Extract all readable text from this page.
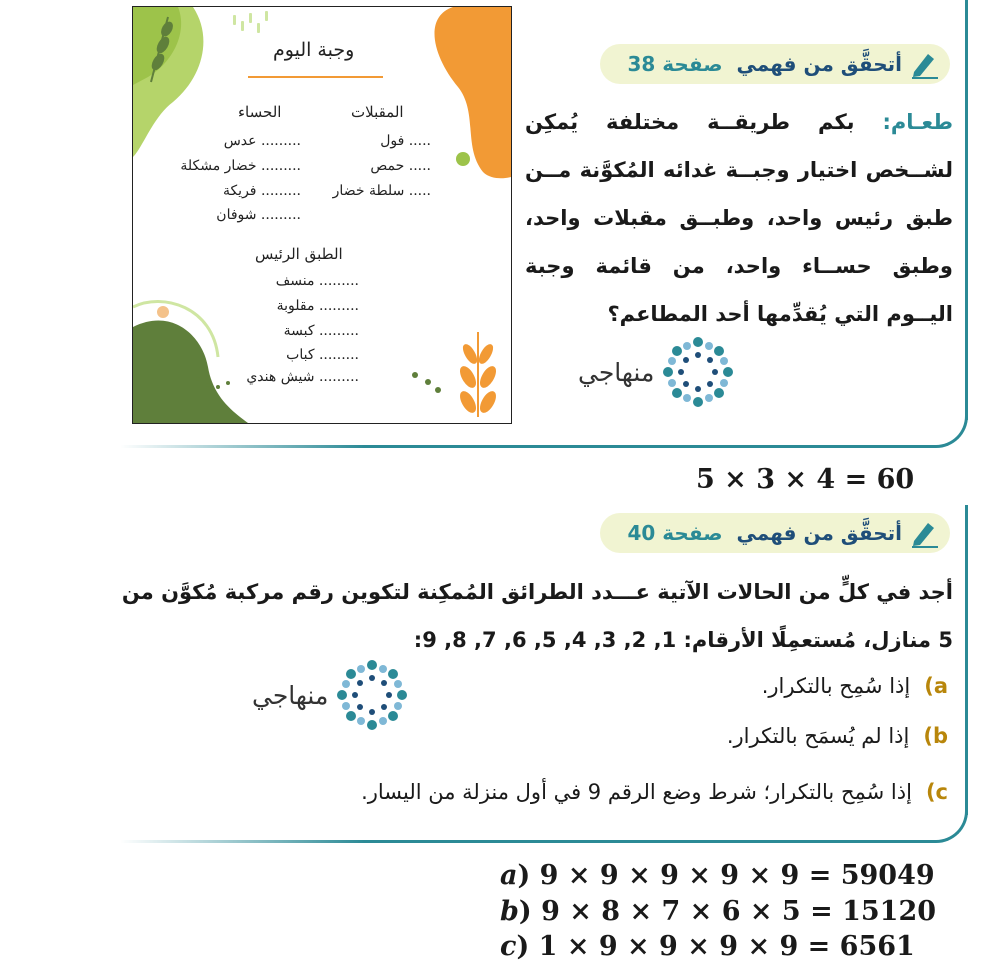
وجبة اليوم
المقبلات
الحساء
..... فول
..... حمص
..... سلطة خضار
......... عدس
......... خضار مشكلة
......... فريكة
......... شوفان
الطبق الرئيس
......... منسف
......... مقلوبة
......... كبسة
......... كباب
......... شيش هندي
أتحقَّق من فهمي
صفحة 38
طعـام: بكم طريقــة مختلفة يُمكِن لشــخص اختيار وجبــة غدائه المُكوَّنة مــن طبق رئيس واحد، وطبــق مقبلات واحد، وطبق حســاء واحد، من قائمة وجبة اليــوم التي يُقدِّمها أحد المطاعم؟
منهاجي
5 × 3 × 4 = 60
أتحقَّق من فهمي
صفحة 40
أجد في كلٍّ من الحالات الآتية عـــدد الطرائق المُمكِنة لتكوين رقم مركبة مُكوَّن من 5 منازل، مُستعمِلًا الأرقام: 1, 2, 3, 4, 5, 6, 7, 8, 9:
منهاجي	a)
إذا سُمِح بالتكرار.
b)
إذا لم يُسمَح بالتكرار.
c)
إذا سُمِح بالتكرار؛ شرط وضع الرقم 9 في أول منزلة من اليسار.
a) 9 × 9 × 9 × 9 × 9 = 59049
b) 9 × 8 × 7 × 6 × 5 = 15120
c) 1 × 9 × 9 × 9 × 9 = 6561
